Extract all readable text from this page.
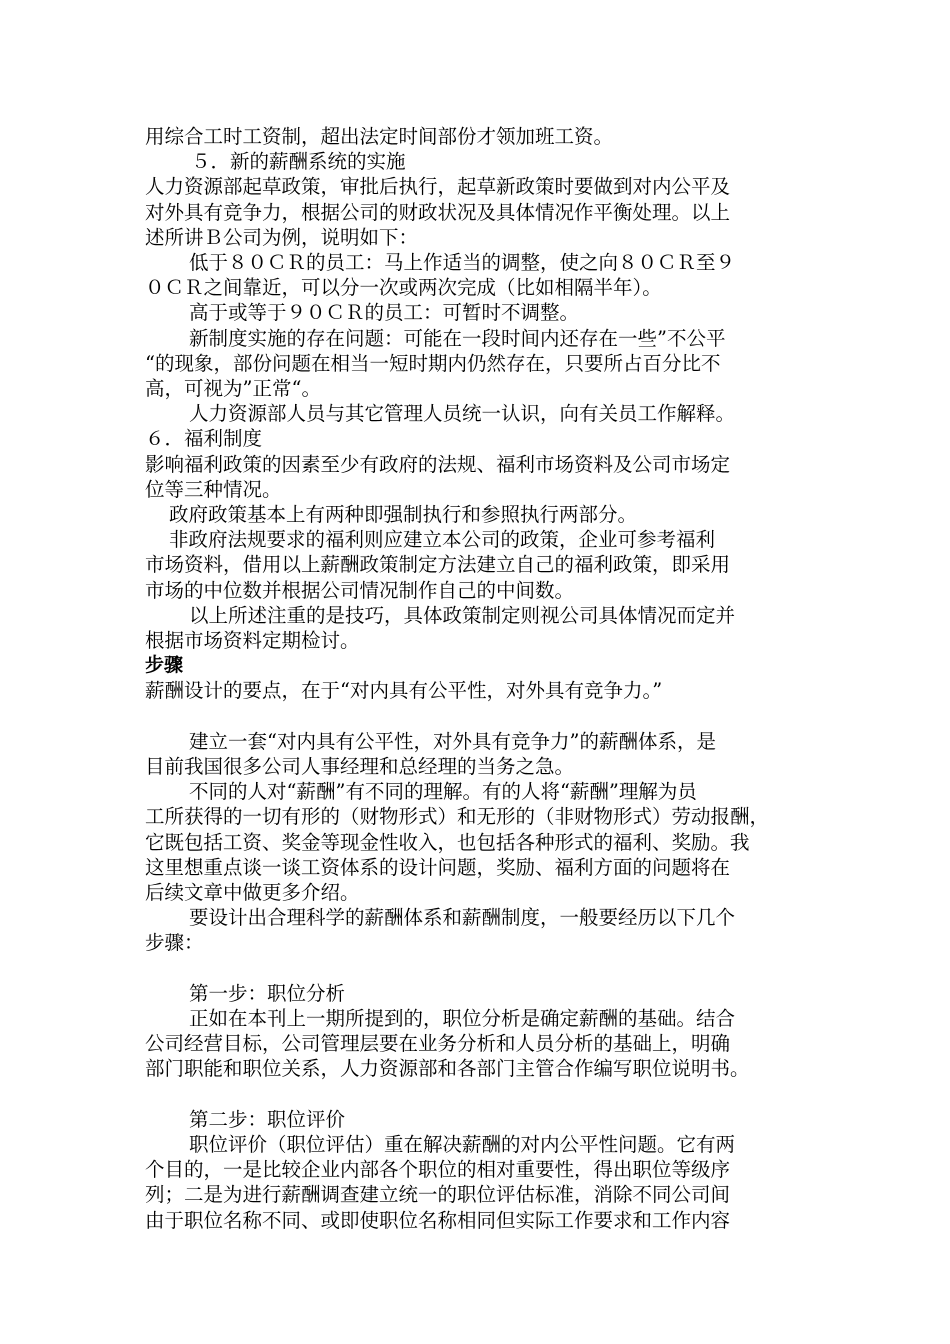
用综合工时工资制，超出法定时间部份才领加班工资。

５．新的薪酬系统的实施

人力资源部起草政策，审批后执行，起草新政策时要做到对内公平及

对外具有竞争力，根据公司的财政状况及具体情况作平衡处理。以上

述所讲Ｂ公司为例，说明如下：

低于８０ＣＲ的员工：马上作适当的调整，使之向８０ＣＲ至９

０ＣＲ之间靠近，可以分一次或两次完成（比如相隔半年）。

高于或等于９０ＣＲ的员工：可暂时不调整。

新制度实施的存在问题：可能在一段时间内还存在一些”不公平

“的现象，部份问题在相当一短时期内仍然存在，只要所占百分比不

高，可视为”正常“。

人力资源部人员与其它管理人员统一认识，向有关员工作解释。

６．福利制度

影响福利政策的因素至少有政府的法规、福利市场资料及公司市场定

位等三种情况。

政府政策基本上有两种即强制执行和参照执行两部分。

非政府法规要求的福利则应建立本公司的政策，企业可参考福利

市场资料，借用以上薪酬政策制定方法建立自己的福利政策，即采用

市场的中位数并根据公司情况制作自己的中间数。

以上所述注重的是技巧，具体政策制定则视公司具体情况而定并

根据市场资料定期检讨。

步骤

薪酬设计的要点，在于“对内具有公平性，对外具有竞争力。”

建立一套“对内具有公平性，对外具有竞争力”的薪酬体系，是

目前我国很多公司人事经理和总经理的当务之急。

不同的人对“薪酬”有不同的理解。有的人将“薪酬”理解为员

工所获得的一切有形的（财物形式）和无形的（非财物形式）劳动报酬，

它既包括工资、奖金等现金性收入，也包括各种形式的福利、奖励。我

这里想重点谈一谈工资体系的设计问题，奖励、福利方面的问题将在

后续文章中做更多介绍。

要设计出合理科学的薪酬体系和薪酬制度，一般要经历以下几个

步骤：

第一步：职位分析

正如在本刊上一期所提到的，职位分析是确定薪酬的基础。结合

公司经营目标，公司管理层要在业务分析和人员分析的基础上，明确

部门职能和职位关系，人力资源部和各部门主管合作编写职位说明书。

第二步：职位评价

职位评价（职位评估）重在解决薪酬的对内公平性问题。它有两

个目的，一是比较企业内部各个职位的相对重要性，得出职位等级序

列；二是为进行薪酬调查建立统一的职位评估标准，消除不同公司间

由于职位名称不同、或即使职位名称相同但实际工作要求和工作内容
